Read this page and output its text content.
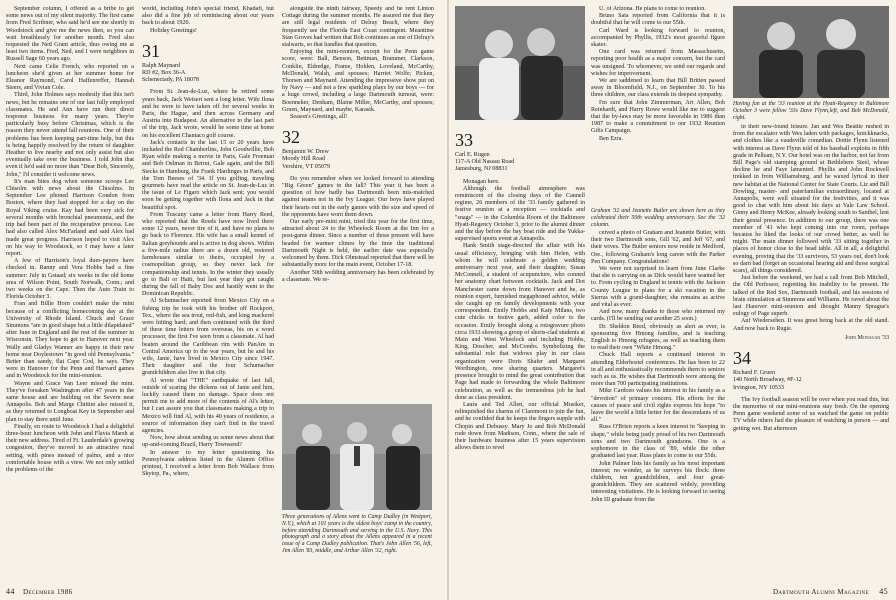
September column, I offered as a bribe to get some news out of my silent majority. The first came from Fred Scribner, who said he'd see me shortly in Woodstock and give me the news then, so you can wait breathlessly for another month. Fred also requested the Ned Grant article, thus owing me at least two items. Fred, Ned, and I were neighbors in Russell Sage 60 years ago.

Next came Celie French, who reported on a luncheon she'd given at her summer home for Eleanor Raymond, Carol Haffenreffer, Hannah Steers, and Vivian Cole.

Third, John Holmes says modestly that this isn't news, but he remains one of our last fully employed classmates. He and Ann have run their direct response business for many years. They're particularly busy before Christmas, which is the reason they never attend fall reunions. One of their problems has been keeping part-time help, but this is being happily resolved by the return of daughter Heather to live nearby and not only assist but also eventually take over the business. I told John that even if he'd said no more than "Dear Bob, Sincerely, John," I'd consider it welcome news.

It's man bites dog when someone scoops Lee Chisolm with news about the Chisolms. In September Lee phoned Harrison Condon from Boston, where they had stopped for a day on the Royal Viking cruise. Kay had been very sick for several months with bronchial pneumonia, and the trip had been part of the recuperative process. Lee had also called Alex McFarland and said Alex had made great progress. Harrison hoped to visit Alex on his way to Woodstock, so I may have a later report.

A few of Harrison's loyal dues-payers have checked in. Ranny and Vera Hobbs had a fine summer: July in Gstaad; six weeks in the old home area of Wilson Point, South Norwalk, Conn.; and two weeks on the Cape. Then the Auto Train to Florida October 3.

Fran and Billie Horn couldn't make the mini because of a conflicting homecoming day at the University of Rhode Island. Chuck and Grace Simmons "are in good shape but a little dilapidated" after June in England and the rest of the summer in Wisconsin. They hope to get to Hanover next year. Wally and Gladys Wanner are happy in their new home near Doylestown "in good old Pennsylvania." Better than sandy, flat Cape Cod, he says. They were in Hanover for the Penn and Harvard games and in Woodstock for the mini-reunion.

Wayne and Grace Van Leer missed the mini. They've forsaken Washington after 47 years in the same house and are building on the Severn near Annapolis. Bob and Marge Chittim also missed it, as they returned to Longboat Key in September and plan to stay there until June.

Finally, en route to Woodstock I had a delightful three-hour luncheon with John and Flavia Marsh at their new address. Tired of Ft. Lauderdale's growing congestion, they've moved to an attractive rural setting, with pines instead of palms, and a nice comfortable house with a view. We not only settled the problems of the

world, including John's special friend, Khadafi, but also did a fine job of reminiscing about our years back to about 1920.

Holiday Greetings!

31
Ralph Maynard
RD #2, Box 36-A
Schenectady, PA 18078

From St. Jean-de-Luz, where he retired some years back, Jack Weisert sent a long letter. Wife Ilona and he were to have taken off for several weeks in Paris, the Hague, and then across Germany and Austria into Budapest. An alternative to the last part of the trip, Jack wrote, would be some time at home on his excellent Chantaco golf course.

Jack's contacts in the last 15 or 20 years have included the Red Chamberlins, John Goodwillie, Bob Ryan while making a movie in Paris, Gale Freeman and Bob Oelman in Beirut, Gale again, and the Bill Stecks in Hamburg, the Frank Hardinges in Paris, and the Tom Beeses of '34. If you golfing, traveling gourmets have read the article on St. Jean-de-Luz in the issue of Le Figaro which Jack sent; you would soon be getting together with Ilona and Jack in that beautiful spot.

From Tuscany came a letter from Harry Reed, who reported that the Reeds have now lived there some 12 years, never tire of it, and have no plans to go back to Florence. His wife has a small kennel of Italian greyhounds and is active in dog shows. Within a five-mile radius there are a dozen old, restored farmhouses similar to theirs, occupied by a cosmopolitan group, so they never lack for companionship and tennis. In the winter they usually go to Bali or Haiti, but last year they got caught during the fall of Baby Doc and hastily went to the Dominican Republic.

Al Schumacher reported from Mexico City on a fishing trip he took with his brother off Rockport, Tex., where the sea trout, red-fish, and king mackerel were hitting hard; and then continued with the third of these time letters from overseas, his on a word processor, the first I've seen from a classmate. Al had beaten around the Caribbean rim with PanAm in Central America up to the war years, but he and his wife, Janie, have lived in Mexico City since 1947. Their daughter and the four Schumacher grandchildren also live in that city.

Al wrote that "THE" earthquake of last fall, outside of scaring the dickens out of Janie and him, luckily caused them no damage. Space does not permit me to add more of the contents of Al's letter, but I can assure you that classmates making a trip to Mexico will find Al, with his 40 years of residence, a source of information they can't find in the travel agencies.

Now, how about sending us some news about that up-and-coming Brazil, Harry Townsend?

In answer to my letter questioning his Pennsylvania address listed in the Alumni Office printout, I received a letter from Bob Wallace from Skytop, Pa., where,

alongside the ninth fairway, Speedy and he rent Linton Cottage during the summer months. He assured me that they are still legal residents of Delray Beach, where they frequently see the Florida East Coast contingent. Meantime Stan Groves had written that Bob continues as one of Delray's stalwarts, so that handles that question.

Enjoying the mini-reunion, except for the Penn game score, were: Ball, Benson, Bettman, Brammer, Clarkson, Conklin, Eldredge, Frame, Holden, Loveland, McCarthy, McDonald, Walsh, and spouses; Harriet Wolfe; Picken, Thorsen and Maynard. Attending the impressive show put on by Navy — and not a few sparkling plays by our boys — for a huge crowd, including a large Dartmouth turnout, were: Boenneker, Denham, Blaine Miller, McCarthy, and spouses; Gruen, Maynard, and maybe, Karasik.

Season's Greetings, all!

32
Benjamin W. Drew
Moody Hill Road
Vershire, VT 05079

Do you remember when we looked forward to attending "Big Green" games in the fall? This year it has been a question of how badly has Dartmouth been mis-matched against teams not in the Ivy League. Our boys have played their hearts out in the early games with the size and speed of the opponents have worn them down.

Our early pre-mini mini, tried this year for the first time, attracted about 24 to the Wheelock Room at the Inn for a post-game dinner. Since a number of those present will have headed for warmer climes by the time the traditional Dartmouth Night is held, the earlier date was especially welcomed by them. Dick Olmstead reported that there will be substantially more for the main event, October 17-18.

Another 50th wedding anniversary has been celebrated by a classmate. We re-

Three generations of Allens went to Camp Dudley (in Westport, N.Y.), which at 101 years is the oldest boys' camp in the country, before attending Dartmouth and serving in the U.S. Navy. This photograph and a story about the Allens appeared in a recent issue of a Camp Dudley publication. That's John Allen '56, left, Jim Allen '83, middle, and Arthur Allen '32, right.
44 December 1986

U. of Arizona. He plans to come to reunion.

Bruno Saia reported from California that it is doubtful that he will come to our 55th.

Carl Ward is looking forward to reunion, accompanied by Phyllis, 1932's most graceful figure skater.

One card was returned from Massachusetts, reporting poor health as a major concern, but the card was unsigned. To whomever, we send our regards and wishes for improvement.

We are saddened to learn that Bill Britten passed away in Bloomfield, N.J., on September 30. To his three children, our class extends its deepest sympathy.

I'm sure that John Zimmerman, Art Allen, Bob Reinhardt, and Harry Rowe would like me to suggest that the by-laws may be more favorable in 1986 than 1987 to make a commitment to our 1932 Reunion Gifts Campaign.

Ben Ezra.

Graham '32 and Jeanette Butler are shown here as they celebrated their 50th wedding anniversary. See the '32 column.

ceived a photo of Graham and Jeanette Butler, with their two Dartmouth sons, Gill '62, and Jeff '67, and their wives. The Butler seniors now reside in Medford, Ore., following Graham's long career with the Parker Pen Company. Congratulations!

We were not surprised to learn from June Clarke that she is carrying on as Dick would have wanted her to. From cycling in England to tennis with the Jackson County League to plans for a ski vacation in the Sierras with a grand-daughter, she remains as active and vital as ever.

And now, many thanks to those who returned my cards. (I'll be sending out another 25 soon.)

Dr. Sheldon Reed, obviously as alert as ever, is sponsoring five Hmong families, and is teaching English to Hmong refugees, as well as teaching them to read their own "White Hmong."

Chuck Hall reports a continued interest in attending Elderhostel conferences. He has been to 22 in all and enthusiastically recommends them to seniors such as us. He wishes that Dartmouth were among the more than 700 participating institutions.

Mike Cardozo values his interest in his family as a "devotion" of primary concern. His efforts for the causes of peace and civil rights express his hope "to leave the world a little better for the descendants of us all."

Russ O'Brien reports a keen interest in "keeping in shape," while being justly proud of his two Dartmouth sons and two Dartmouth grandsons. One is a sophomore in the class of '89, while the other graduated last year. Russ plans to come to our 55th.

John Palmer lists his family as his most important interest; no wonder, as he surveys his flock: three children, ten grandchildren, and four great-grandchildren. They are scattered widely, providing interesting visitations. He is looking forward to seeing John III graduate from the

33
Carl E. Rugen
117-A Old Nassau Road
Jamesburg, NJ 08831

Monagan here.

Although the football atmosphere was reminiscent of the closing days of the Cannell regime, 26 members of the '33 family gathered in festive reunion at a reception — cocktails and "snags" — in the Columbia Room of the Baltimore Hyatt-Regency October 3, prior to the alumni dinner and the day before the bay boat ride and the Yukka-supervised sports event at Annapolis.

Hank Smith stage-directed the affair with his usual efficiency, bringing with him Helen, with whom he will celebrate a golden wedding anniversary next year, and their daughter, Susan McConnell, a student of acupuncture, who conned her anatomy chart between cocktails. Jack and Dot Manchester came down from Hanover and he, as reunion expert, furnished megaphoned advice, while she caught up on family developments with your correspondent. Emily Hobbs and Katy Milans, two cute chicks in festive garb, added color to the occasion. Emily brought along a rotogravure photo circa 1933 showing a group of shorts-clad students at Main and West Wheelock and including Hobbs, King, Doscher, and McCombs. Symbolizing the substantial role that widows play in our class organization were Doris Shafer and Margaret Worthington, now sharing quarters. Margaret's presence brought to mind the great contribution that Page had made to forwarding the whole Baltimore celebration, as well as the tremendous job he had done as class president.

Laura and Ted Allen, our official Musiker, relinquished the charms of Claremont to join the fun, and he confided that he keeps the fingers supple with Chopin and Debussy. Mary Jo and Bob McDonald rode down from Madison, Conn., where the sale of their hardware business after 15 years supervision allows them to revel

Having fun at the '33 reunion at the Hyatt-Regency in Baltimore October 3 were fellow '33s Dave Flynn,left, and Bob McDonald, right.

in their new-found leisure. Jan and Wes Beattie rushed in from the escalator with Wes laden with packages, knickknacks, and clothes like a vaudeville comedian. Dottie Flynn listened with interest as Dave Flynn told of his baseball exploits in fifth grade in Pelham, N.Y. Our hotel was on the harbor, not far from Bill Page's old stamping ground at Bethlehem Steel, whose decline he and Faye lamented. Phyllis and John Rockwell trekked in from Williamsburg, and he waxed lyrical in their new habitat at the National Center for State Courts. Liz and Bill Dowling, master- and paterfamilias extraordinary, located at Annapolis, were well situated for the festivities, and it was good to chat with him about his days at Yale Law School. Ginny and Henry McKee, already looking south to Sanibel, lent their genial presence. In addition to our group, there was one member of '41 who kept coming into our room, perhaps because he liked the looks of our crowd better, as well he might. The main dinner followed with '33 sitting together in places of honor close to the head table. All in all, a delightful evening, proving that the '33 survivors, 53 years out, don't look so darn bad (forget an occasional hearing aid and those surgical scars), all things considered.

Just before the weekend, we had a call from Bob Mitchell, the Old Perfessor, regretting his inability to be present. He talked of the Red Sox, Dartmouth football, and his sessions of brain stimulation at Simmons and Williams. He raved about the last Hanover mini-reunion and thought Manny Sprague's eulogy of Page superb.

Auf Wiedersehen. It was great being back at the old stand. And now back to Rugie.

John Monagan '33
34
Richard F. Gruen
140 North Broadway, #F-12
Irvington, NY 10533

The Ivy football season will be over when you read this, but the memories of our mini-reunions stay fresh. On the opening Penn game weekend some of us watched the game on public TV while others had the pleasure of watching in person — and getting wet. But afternoon

Dartmouth Alumni Magazine 45
